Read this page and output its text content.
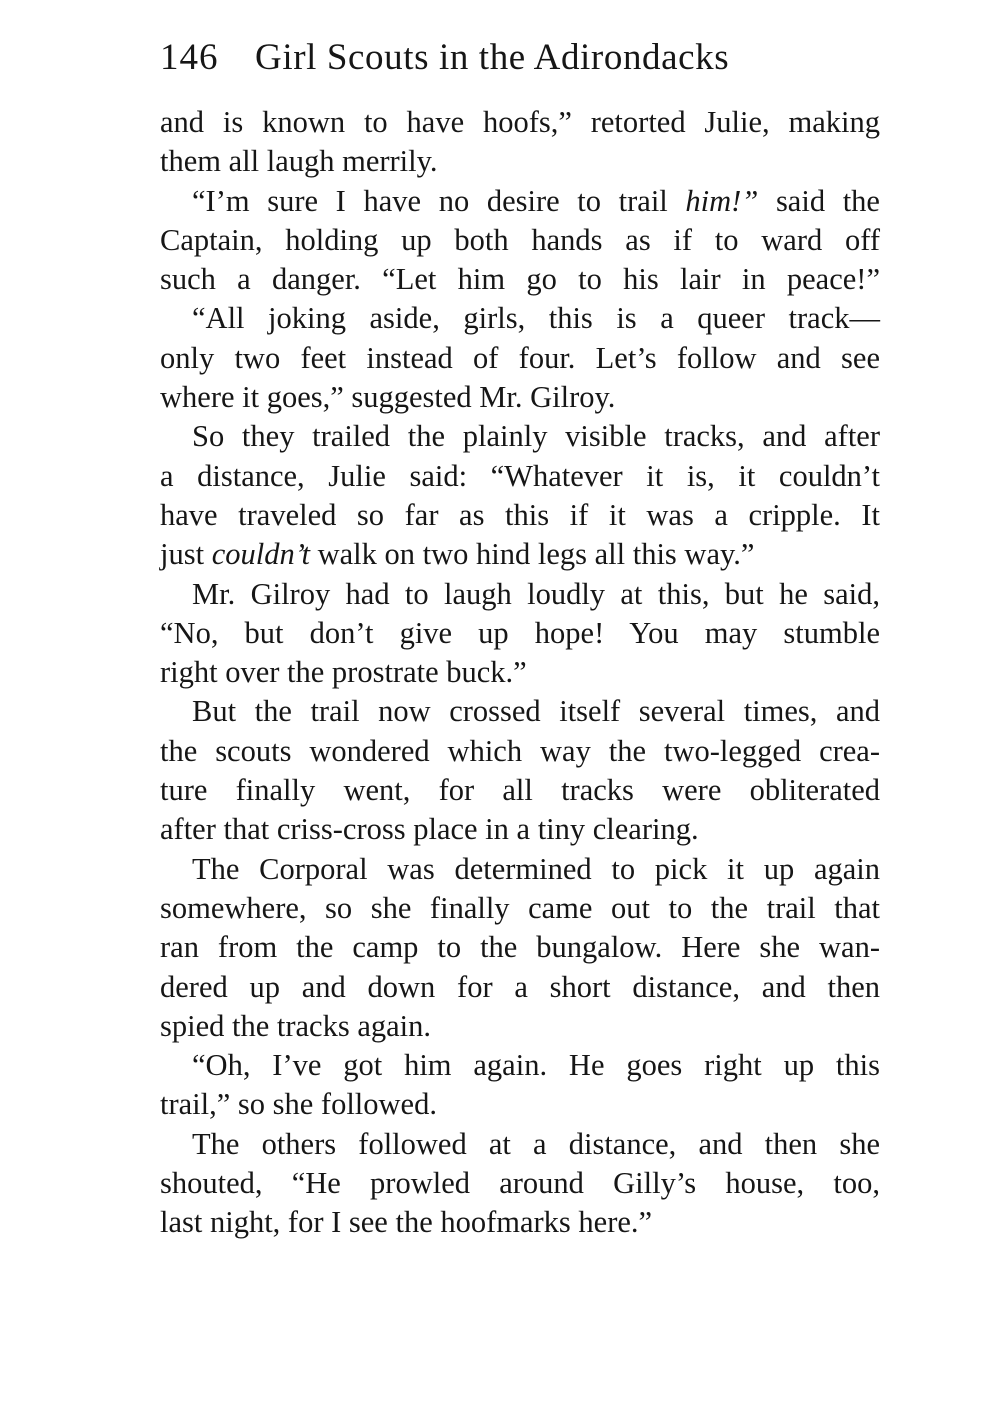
146 Girl Scouts in the Adirondacks
and is known to have hoofs,” retorted Julie, making
them all laugh merrily.
“I’m sure I have no desire to trail him!” said the
Captain, holding up both hands as if to ward off
such a danger. “Let him go to his lair in peace!”
“All joking aside, girls, this is a queer track—
only two feet instead of four. Let’s follow and see
where it goes,” suggested Mr. Gilroy.
So they trailed the plainly visible tracks, and after
a distance, Julie said: “Whatever it is, it couldn’t
have traveled so far as this if it was a cripple. It
just couldn’t walk on two hind legs all this way.”
Mr. Gilroy had to laugh loudly at this, but he said,
“No, but don’t give up hope! You may stumble
right over the prostrate buck.”
But the trail now crossed itself several times, and
the scouts wondered which way the two-legged crea-
ture finally went, for all tracks were obliterated
after that criss-cross place in a tiny clearing.
The Corporal was determined to pick it up again
somewhere, so she finally came out to the trail that
ran from the camp to the bungalow. Here she wan-
dered up and down for a short distance, and then
spied the tracks again.
“Oh, I’ve got him again. He goes right up this
trail,” so she followed.
The others followed at a distance, and then she
shouted, “He prowled around Gilly’s house, too,
last night, for I see the hoofmarks here.”
